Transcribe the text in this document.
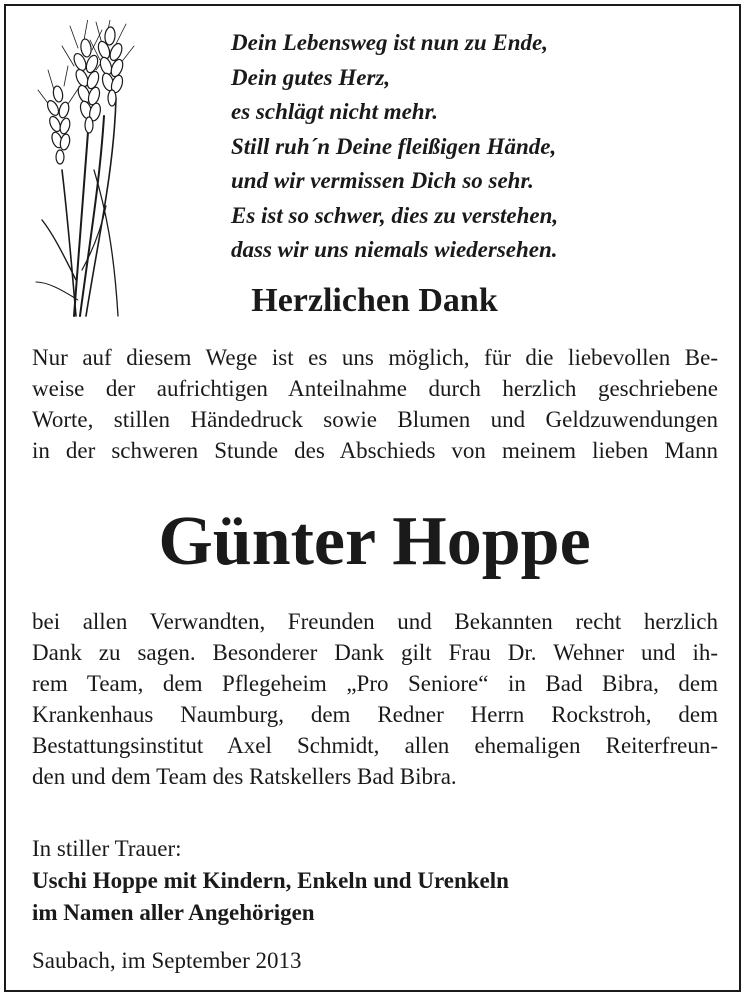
Dein Lebensweg ist nun zu Ende,
Dein gutes Herz,
es schlägt nicht mehr.
Still ruh´n Deine fleißigen Hände,
und wir vermissen Dich so sehr.
Es ist so schwer, dies zu verstehen,
dass wir uns niemals wiedersehen.
Herzlichen Dank
Nur auf diesem Wege ist es uns möglich, für die liebevollen Be-
weise der aufrichtigen Anteilnahme durch herzlich geschriebene
Worte, stillen Händedruck sowie Blumen und Geldzuwendungen
in der schweren Stunde des Abschieds von meinem lieben Mann
Günter Hoppe
bei allen Verwandten, Freunden und Bekannten recht herzlich
Dank zu sagen. Besonderer Dank gilt Frau Dr. Wehner und ih-
rem Team, dem Pflegeheim „Pro Seniore“ in Bad Bibra, dem
Krankenhaus Naumburg, dem Redner Herrn Rockstroh, dem
Bestattungsinstitut Axel Schmidt, allen ehemaligen Reiterfreun-
den und dem Team des Ratskellers Bad Bibra.
In stiller Trauer:
Uschi Hoppe mit Kindern, Enkeln und Urenkeln
im Namen aller Angehörigen
Saubach, im September 2013
